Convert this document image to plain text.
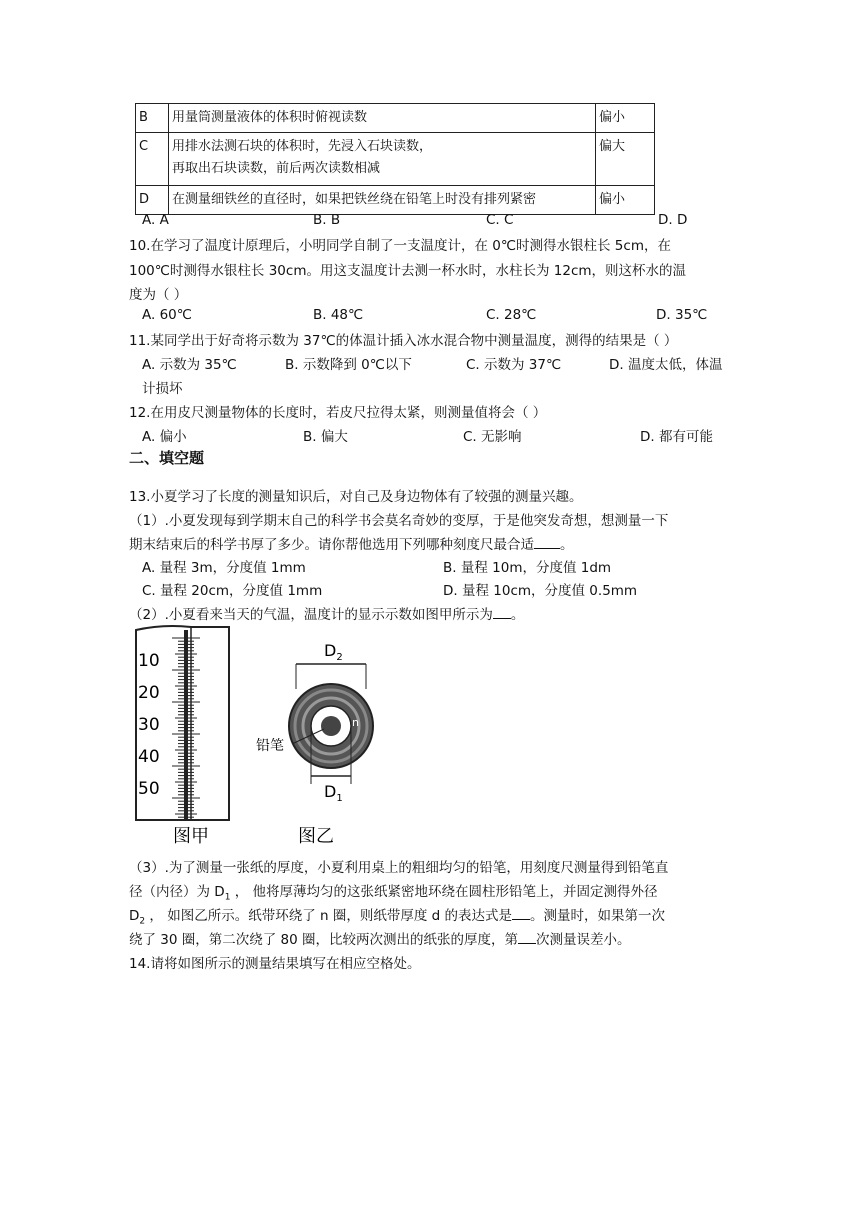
B	用量筒测量液体的体积时俯视读数	偏小
C	用排水法测石块的体积时，先浸入石块读数，
再取出石块读数，前后两次读数相减	偏大
D	在测量细铁丝的直径时，如果把铁丝绕在铅笔上时没有排列紧密	偏小
A. A	B. B	C. C	D. D
10.在学习了温度计原理后，小明同学自制了一支温度计，在 0℃时测得水银柱长 5cm，在
100℃时测得水银柱长 30cm。用这支温度计去测一杯水时，水柱长为 12cm，则这杯水的温
度为（ ）
A. 60℃	B. 48℃	C. 28℃	D. 35℃
11.某同学出于好奇将示数为 37℃的体温计插入冰水混合物中测量温度，测得的结果是（ ）
A. 示数为 35℃	B. 示数降到 0℃以下	C. 示数为 37℃	D. 温度太低，体温
计损坏
12.在用皮尺测量物体的长度时，若皮尺拉得太紧，则测量值将会（ ）
A. 偏小	B. 偏大	C. 无影响	D. 都有可能
二、填空题
13.小夏学习了长度的测量知识后，对自己及身边物体有了较强的测量兴趣。
（1）.小夏发现每到学期末自己的科学书会莫名奇妙的变厚，于是他突发奇想，想测量一下
期末结束后的科学书厚了多少。请你帮他选用下列哪种刻度尺最合适 。
A. 量程 3m，分度值 1mm	B. 量程 10m，分度值 1dm
C. 量程 20cm，分度值 1mm	D. 量程 10cm，分度值 0.5mm
（2）.小夏看来当天的气温，温度计的显示示数如图甲所示为 。
10
20
30
40
50
图甲
$D_2$
n
铅笔
$D_1$
图乙
（3）.为了测量一张纸的厚度，小夏利用桌上的粗细均匀的铅笔，用刻度尺测量得到铅笔直
径（内径）为 $D_1$ ， 他将厚薄均匀的这张纸紧密地环绕在圆柱形铅笔上，并固定测得外径
$D_2$ ， 如图乙所示。纸带环绕了 n 圈，则纸带厚度 d 的表达式是 。测量时，如果第一次
绕了 30 圈，第二次绕了 80 圈，比较两次测出的纸张的厚度，第 次测量误差小。
14.请将如图所示的测量结果填写在相应空格处。
